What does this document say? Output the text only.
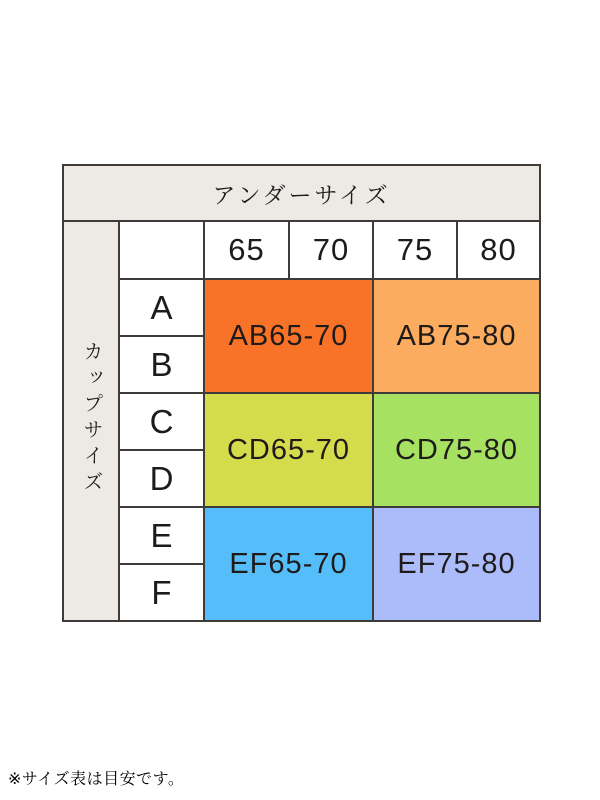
アンダーサイズ					
カップサイズ		65	70	75	80
	A	AB65-70		AB75-80	
	B				
	C	CD65-70		CD75-80	
	D				
	E	EF65-70		EF75-80	
	F				
※サイズ表は目安です。
